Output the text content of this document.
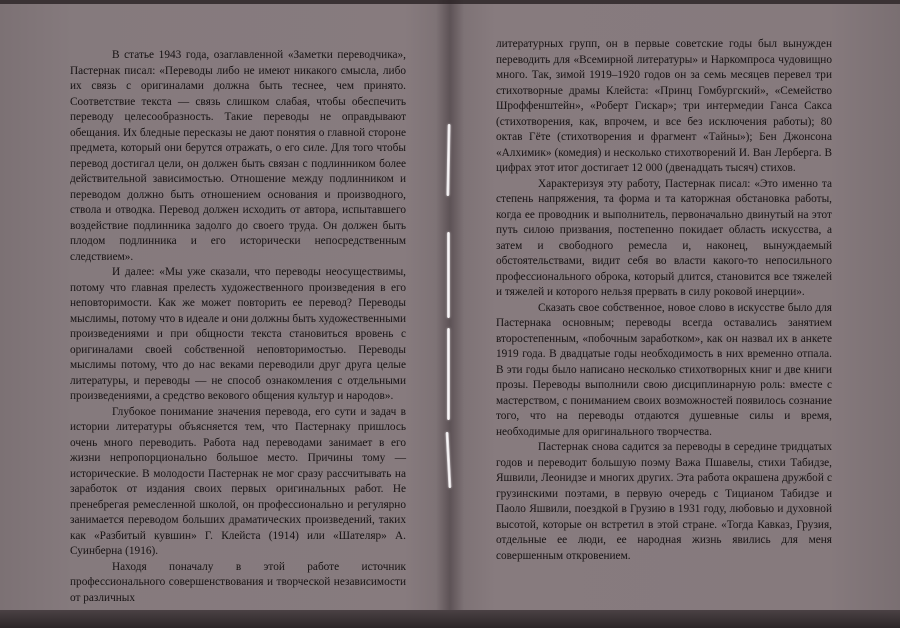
В статье 1943 года, озаглавленной «Заметки переводчика», Пастернак писал: «Переводы либо не имеют никакого смысла, либо их связь с оригиналами должна быть теснее, чем принято. Соответствие текста — связь слишком слабая, чтобы обеспечить переводу целесообразность. Такие переводы не оправдывают обещания. Их бледные пересказы не дают понятия о главной стороне предмета, который они берутся отражать, о его силе. Для того чтобы перевод достигал цели, он должен быть связан с подлинником более действительной зависимостью. Отношение между подлинником и переводом должно быть отношением основания и производного, ствола и отводка. Перевод должен исходить от автора, испытавшего воздействие подлинника задолго до своего труда. Он должен быть плодом подлинника и его исторически непосредственным следствием».

И далее: «Мы уже сказали, что переводы неосуществимы, потому что главная прелесть художественного произведения в его неповторимости. Как же может повторить ее перевод? Переводы мыслимы, потому что в идеале и они должны быть художественными произведениями и при общности текста становиться вровень с оригиналами своей собственной неповторимостью. Переводы мыслимы потому, что до нас веками переводили друг друга целые литературы, и переводы — не способ ознакомления с отдельными произведениями, а средство векового общения культур и народов».

Глубокое понимание значения перевода, его сути и задач в истории литературы объясняется тем, что Пастернаку пришлось очень много переводить. Работа над переводами занимает в его жизни непропорционально большое место. Причины тому — исторические. В молодости Пастернак не мог сразу рассчитывать на заработок от издания своих первых оригинальных работ. Не пренебрегая ремесленной школой, он профессионально и регулярно занимается переводом больших драматических произведений, таких как «Разбитый кувшин» Г. Клейста (1914) или «Шателяр» А. Суинберна (1916).

Находя поначалу в этой работе источник профессионального совершенствования и творческой независимости от различных

литературных групп, он в первые советские годы был вынужден переводить для «Всемирной литературы» и Наркомпроса чудовищно много. Так, зимой 1919–1920 годов он за семь месяцев перевел три стихотворные драмы Клейста: «Принц Гомбургский», «Семейство Шроффенштейн», «Роберт Гискар»; три интермедии Ганса Сакса (стихотворения, как, впрочем, и все без исключения работы); 80 октав Гёте (стихотворения и фрагмент «Тайны»); Бен Джонсона «Алхимик» (комедия) и несколько стихотворений И. Ван Лерберга. В цифрах этот итог достигает 12 000 (двенадцать тысяч) стихов.

Характеризуя эту работу, Пастернак писал: «Это именно та степень напряжения, та форма и та каторжная обстановка работы, когда ее проводник и выполнитель, первоначально двинутый на этот путь силою призвания, постепенно покидает область искусства, а затем и свободного ремесла и, наконец, вынуждаемый обстоятельствами, видит себя во власти какого-то непосильного профессионального оброка, который длится, становится все тяжелей и тяжелей и которого нельзя прервать в силу роковой инерции».

Сказать свое собственное, новое слово в искусстве было для Пастернака основным; переводы всегда оставались занятием второстепенным, «побочным заработком», как он назвал их в анкете 1919 года. В двадцатые годы необходимость в них временно отпала. В эти годы было написано несколько стихотворных книг и две книги прозы. Переводы выполнили свою дисциплинарную роль: вместе с мастерством, с пониманием своих возможностей появилось сознание того, что на переводы отдаются душевные силы и время, необходимые для оригинального творчества.

Пастернак снова садится за переводы в середине тридцатых годов и переводит большую поэму Важа Пшавелы, стихи Табидзе, Яшвили, Леонидзе и многих других. Эта работа окрашена дружбой с грузинскими поэтами, в первую очередь с Тицианом Табидзе и Паоло Яшвили, поездкой в Грузию в 1931 году, любовью и духовной высотой, которые он встретил в этой стране. «Тогда Кавказ, Грузия, отдельные ее люди, ее народная жизнь явились для меня совершенным откровением.
